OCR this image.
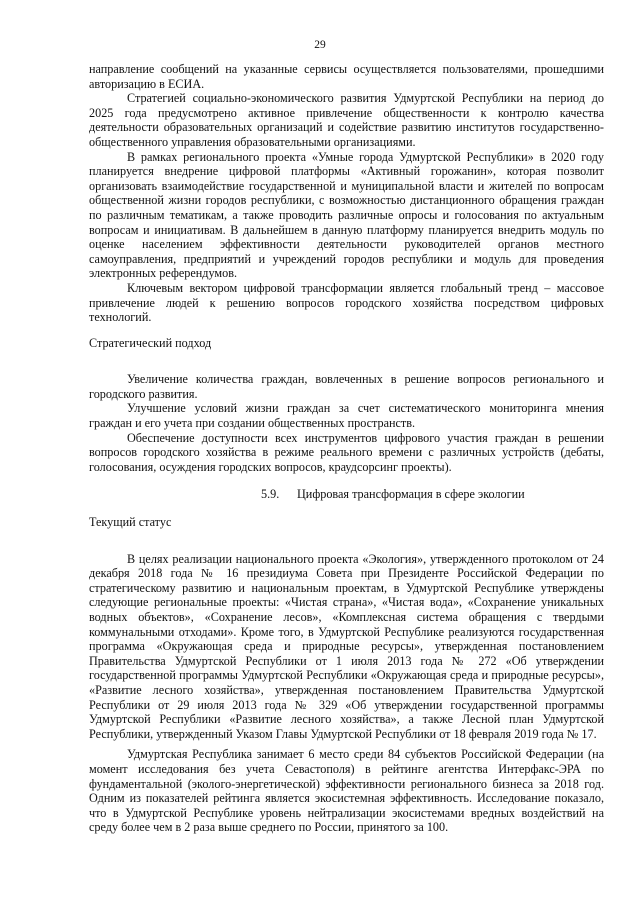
29

направление сообщений на указанные сервисы осуществляется пользователями, прошедшими авторизацию в ЕСИА.

Стратегией социально-экономического развития Удмуртской Республики на период до 2025 года предусмотрено активное привлечение общественности к контролю качества деятельности образовательных организаций и содействие развитию институтов государственно-общественного управления образовательными организациями.

В рамках регионального проекта «Умные города Удмуртской Республики» в 2020 году планируется внедрение цифровой платформы «Активный горожанин», которая позволит организовать взаимодействие государственной и муниципальной власти и жителей по вопросам общественной жизни городов республики, с возможностью дистанционного обращения граждан по различным тематикам, а также проводить различные опросы и голосования по актуальным вопросам и инициативам. В дальнейшем в данную платформу планируется внедрить модуль по оценке населением эффективности деятельности руководителей органов местного самоуправления, предприятий и учреждений городов республики и модуль для проведения электронных референдумов.

Ключевым вектором цифровой трансформации является глобальный тренд – массовое привлечение людей к решению вопросов городского хозяйства посредством цифровых технологий.

Стратегический подход

Увеличение количества граждан, вовлеченных в решение вопросов регионального и городского развития.

Улучшение условий жизни граждан за счет систематического мониторинга мнения граждан и его учета при создании общественных пространств.

Обеспечение доступности всех инструментов цифрового участия граждан в решении вопросов городского хозяйства в режиме реального времени с различных устройств (дебаты, голосования, осуждения городских вопросов, краудсорсинг проекты).

5.9. Цифровая трансформация в сфере экологии

Текущий статус

В целях реализации национального проекта «Экология», утвержденного протоколом от 24 декабря 2018 года № 16 президиума Совета при Президенте Российской Федерации по стратегическому развитию и национальным проектам, в Удмуртской Республике утверждены следующие региональные проекты: «Чистая страна», «Чистая вода», «Сохранение уникальных водных объектов», «Сохранение лесов», «Комплексная система обращения с твердыми коммунальными отходами». Кроме того, в Удмуртской Республике реализуются государственная программа «Окружающая среда и природные ресурсы», утвержденная постановлением Правительства Удмуртской Республики от 1 июля 2013 года № 272 «Об утверждении государственной программы Удмуртской Республики «Окружающая среда и природные ресурсы», «Развитие лесного хозяйства», утвержденная постановлением Правительства Удмуртской Республики от 29 июля 2013 года № 329 «Об утверждении государственной программы Удмуртской Республики «Развитие лесного хозяйства», а также Лесной план Удмуртской Республики, утвержденный Указом Главы Удмуртской Республики от 18 февраля 2019 года № 17.

Удмуртская Республика занимает 6 место среди 84 субъектов Российской Федерации (на момент исследования без учета Севастополя) в рейтинге агентства Интерфакс-ЭРА по фундаментальной (эколого-энергетической) эффективности регионального бизнеса за 2018 год. Одним из показателей рейтинга является экосистемная эффективность. Исследование показало, что в Удмуртской Республике уровень нейтрализации экосистемами вредных воздействий на среду более чем в 2 раза выше среднего по России, принятого за 100.
